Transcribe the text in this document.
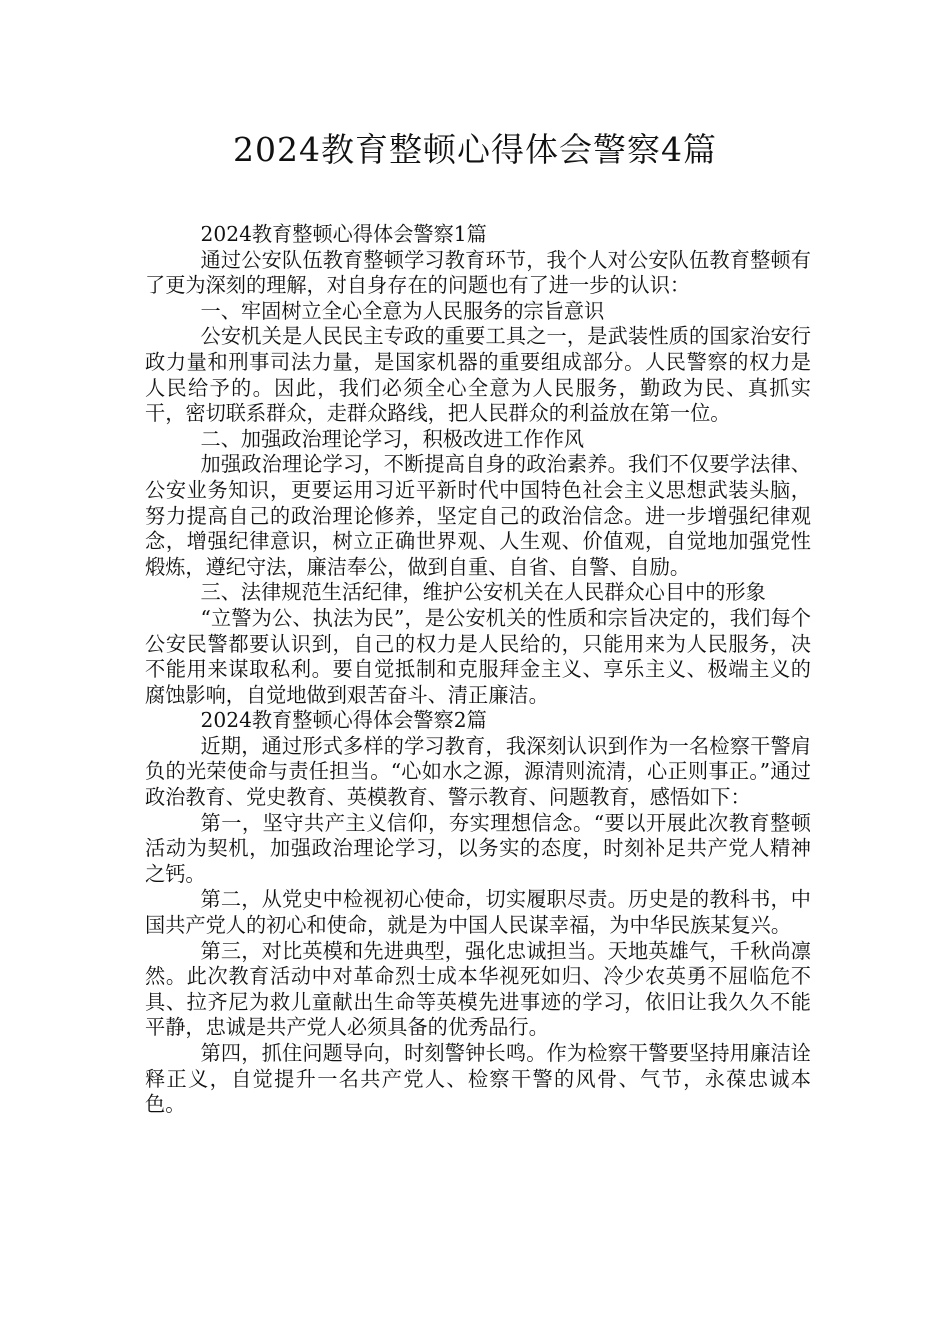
2024教育整顿心得体会警察4篇

2024教育整顿心得体会警察1篇

通过公安队伍教育整顿学习教育环节，我个人对公安队伍教育整顿有了更为深刻的理解，对自身存在的问题也有了进一步的认识：

一、牢固树立全心全意为人民服务的宗旨意识

公安机关是人民民主专政的重要工具之一，是武装性质的国家治安行政力量和刑事司法力量，是国家机器的重要组成部分。人民警察的权力是人民给予的。因此，我们必须全心全意为人民服务，勤政为民、真抓实干，密切联系群众，走群众路线，把人民群众的利益放在第一位。

二、加强政治理论学习，积极改进工作作风

加强政治理论学习，不断提高自身的政治素养。我们不仅要学法律、公安业务知识，更要运用习近平新时代中国特色社会主义思想武装头脑，努力提高自己的政治理论修养，坚定自己的政治信念。进一步增强纪律观念，增强纪律意识，树立正确世界观、人生观、价值观，自觉地加强党性煅炼，遵纪守法，廉洁奉公，做到自重、自省、自警、自励。

三、法律规范生活纪律，维护公安机关在人民群众心目中的形象

“立警为公、执法为民”，是公安机关的性质和宗旨决定的，我们每个公安民警都要认识到，自己的权力是人民给的，只能用来为人民服务，决不能用来谋取私利。要自觉抵制和克服拜金主义、享乐主义、极端主义的腐蚀影响，自觉地做到艰苦奋斗、清正廉洁。

2024教育整顿心得体会警察2篇

近期，通过形式多样的学习教育，我深刻认识到作为一名检察干警肩负的光荣使命与责任担当。“心如水之源，源清则流清，心正则事正。”通过政治教育、党史教育、英模教育、警示教育、问题教育，感悟如下：

第一，坚守共产主义信仰，夯实理想信念。“要以开展此次教育整顿活动为契机，加强政治理论学习，以务实的态度，时刻补足共产党人精神之钙。

第二，从党史中检视初心使命，切实履职尽责。历史是的教科书，中国共产党人的初心和使命，就是为中国人民谋幸福，为中华民族某复兴。

第三，对比英模和先进典型，强化忠诚担当。天地英雄气，千秋尚凛然。此次教育活动中对革命烈士成本华视死如归、冷少农英勇不屈临危不具、拉齐尼为救儿童献出生命等英模先进事迹的学习，依旧让我久久不能平静，忠诚是共产党人必须具备的优秀品行。

第四，抓住问题导向，时刻警钟长鸣。作为检察干警要坚持用廉洁诠释正义，自觉提升一名共产党人、检察干警的风骨、气节，永葆忠诚本色。
